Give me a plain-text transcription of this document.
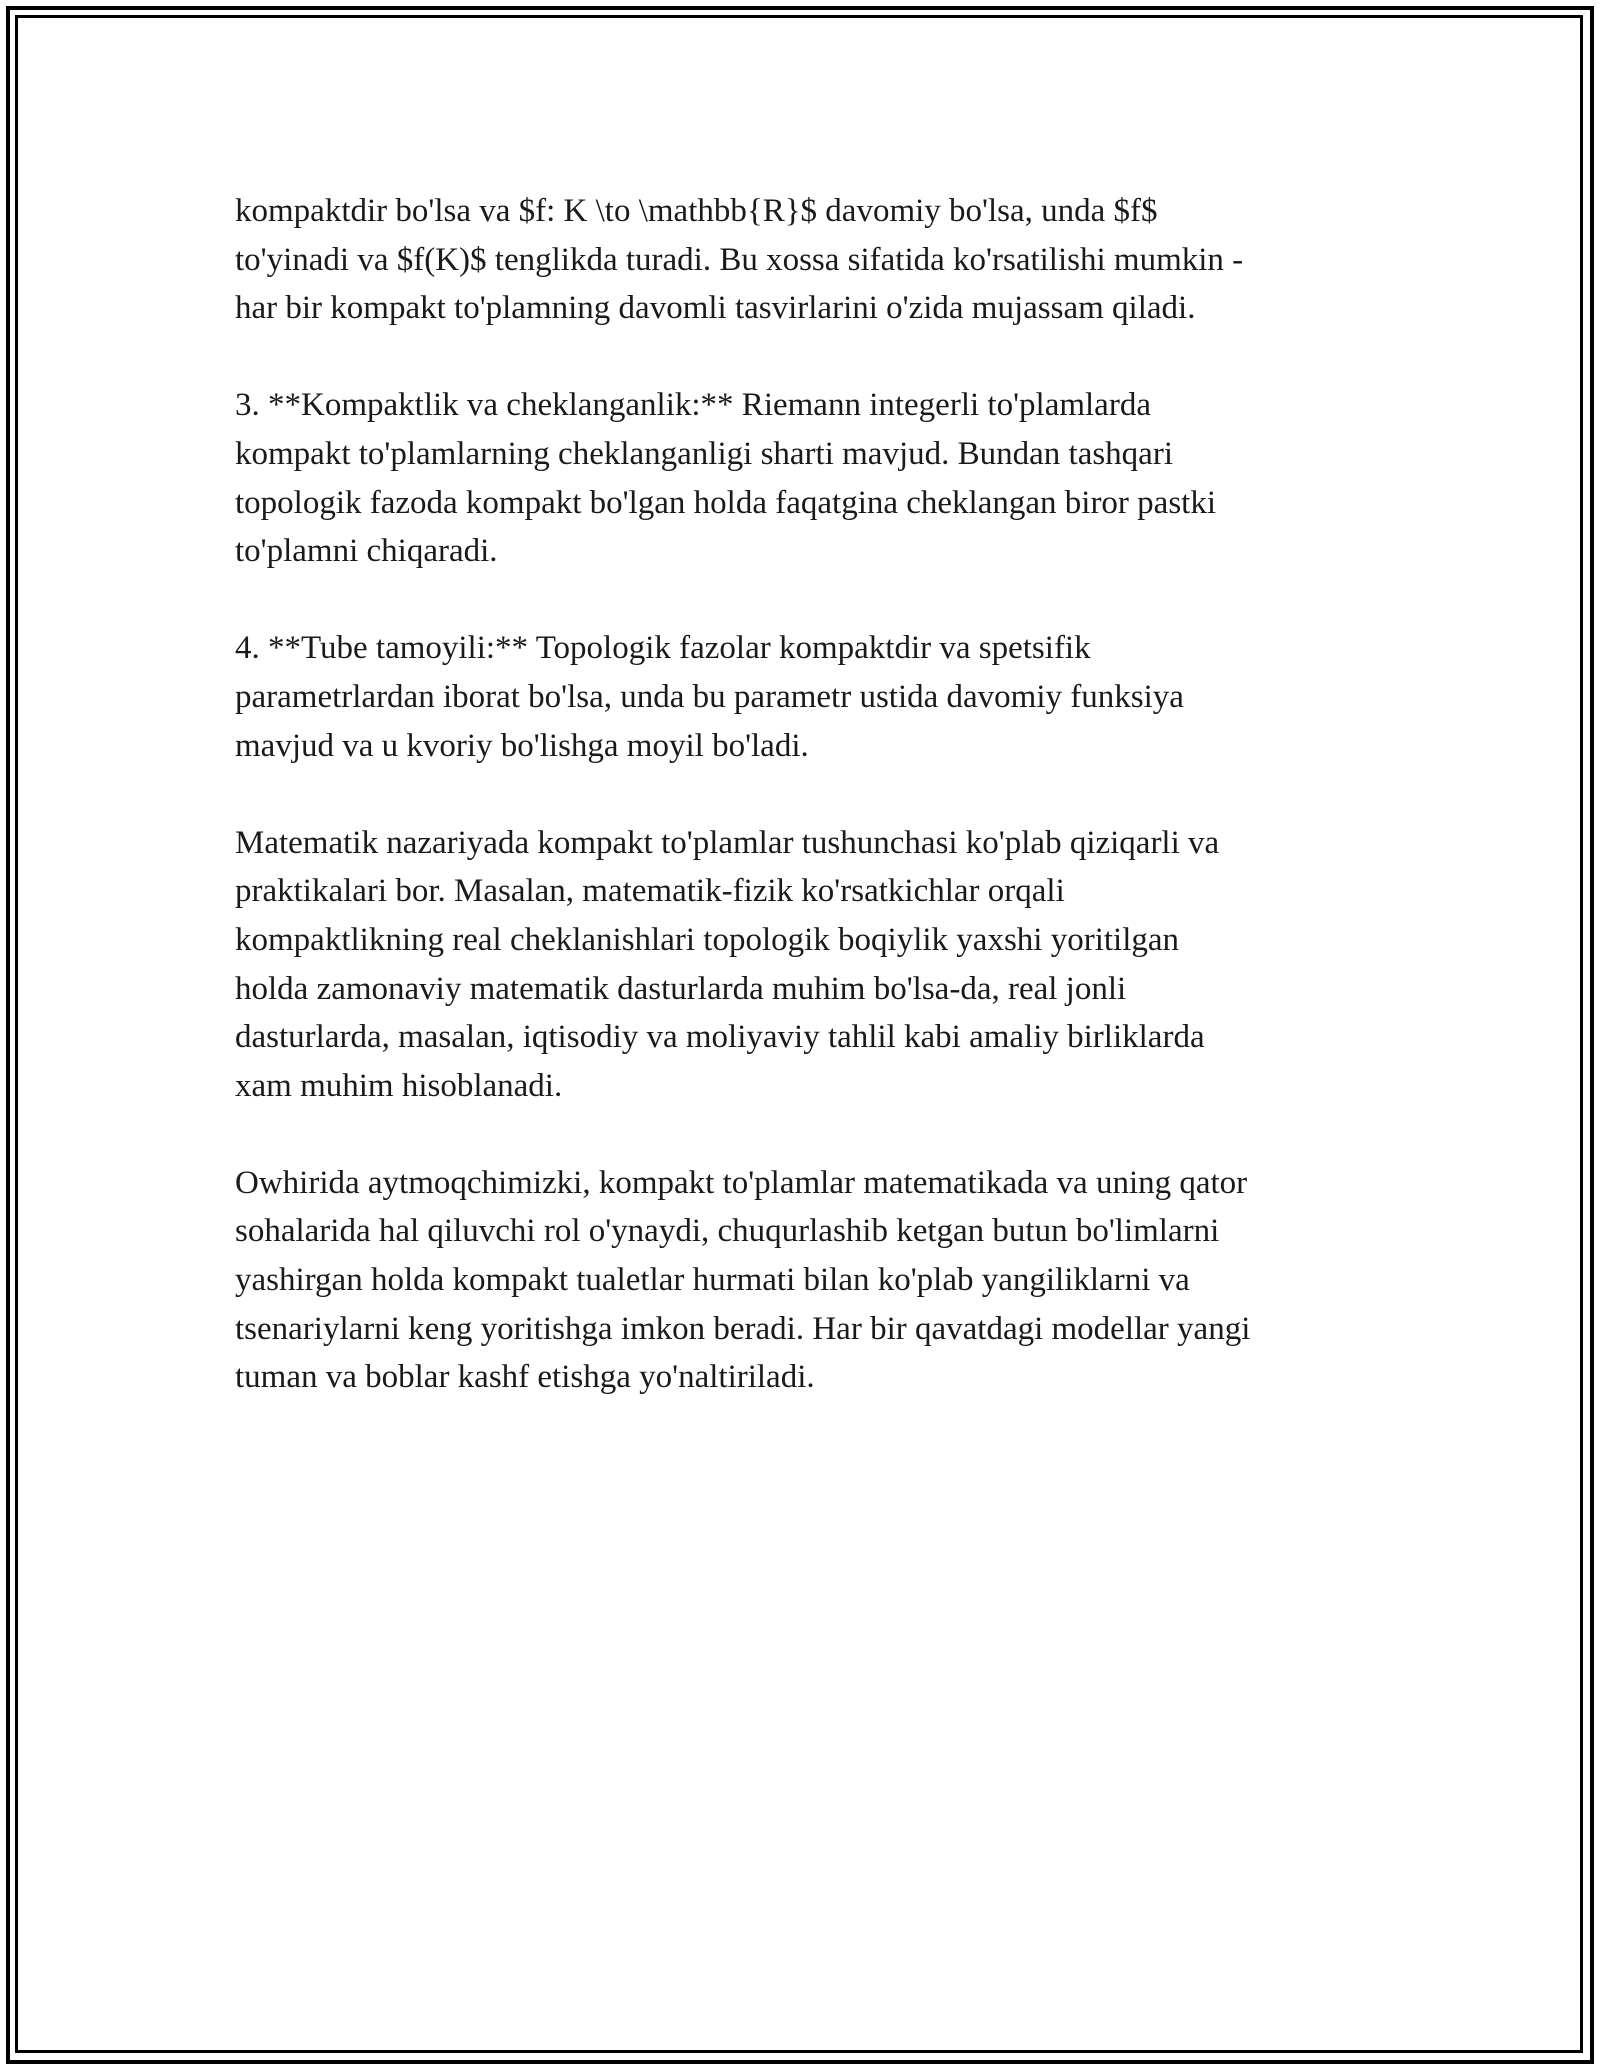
kompaktdir bo'lsa va $f: K \to \mathbb{R}$ davomiy bo'lsa, unda $f$
to'yinadi va $f(K)$ tenglikda turadi. Bu xossa sifatida ko'rsatilishi mumkin -
har bir kompakt to'plamning davomli tasvirlarini o'zida mujassam qiladi.

3. **Kompaktlik va cheklanganlik:** Riemann integerli to'plamlarda
kompakt to'plamlarning cheklanganligi sharti mavjud. Bundan tashqari
topologik fazoda kompakt bo'lgan holda faqatgina cheklangan biror pastki
to'plamni chiqaradi.

4. **Tube tamoyili:** Topologik fazolar kompaktdir va spetsifik
parametrlardan iborat bo'lsa, unda bu parametr ustida davomiy funksiya
mavjud va u kvoriy bo'lishga moyil bo'ladi.

Matematik nazariyada kompakt to'plamlar tushunchasi ko'plab qiziqarli va
praktikalari bor. Masalan, matematik-fizik ko'rsatkichlar orqali
kompaktlikning real cheklanishlari topologik boqiylik yaxshi yoritilgan
holda zamonaviy matematik dasturlarda muhim bo'lsa-da, real jonli
dasturlarda, masalan, iqtisodiy va moliyaviy tahlil kabi amaliy birliklarda
xam muhim hisoblanadi.

Owhirida aytmoqchimizki, kompakt to'plamlar matematikada va uning qator
sohalarida hal qiluvchi rol o'ynaydi, chuqurlashib ketgan butun bo'limlarni
yashirgan holda kompakt tualetlar hurmati bilan ko'plab yangiliklarni va
tsenariylarni keng yoritishga imkon beradi. Har bir qavatdagi modellar yangi
tuman va boblar kashf etishga yo'naltiriladi.
